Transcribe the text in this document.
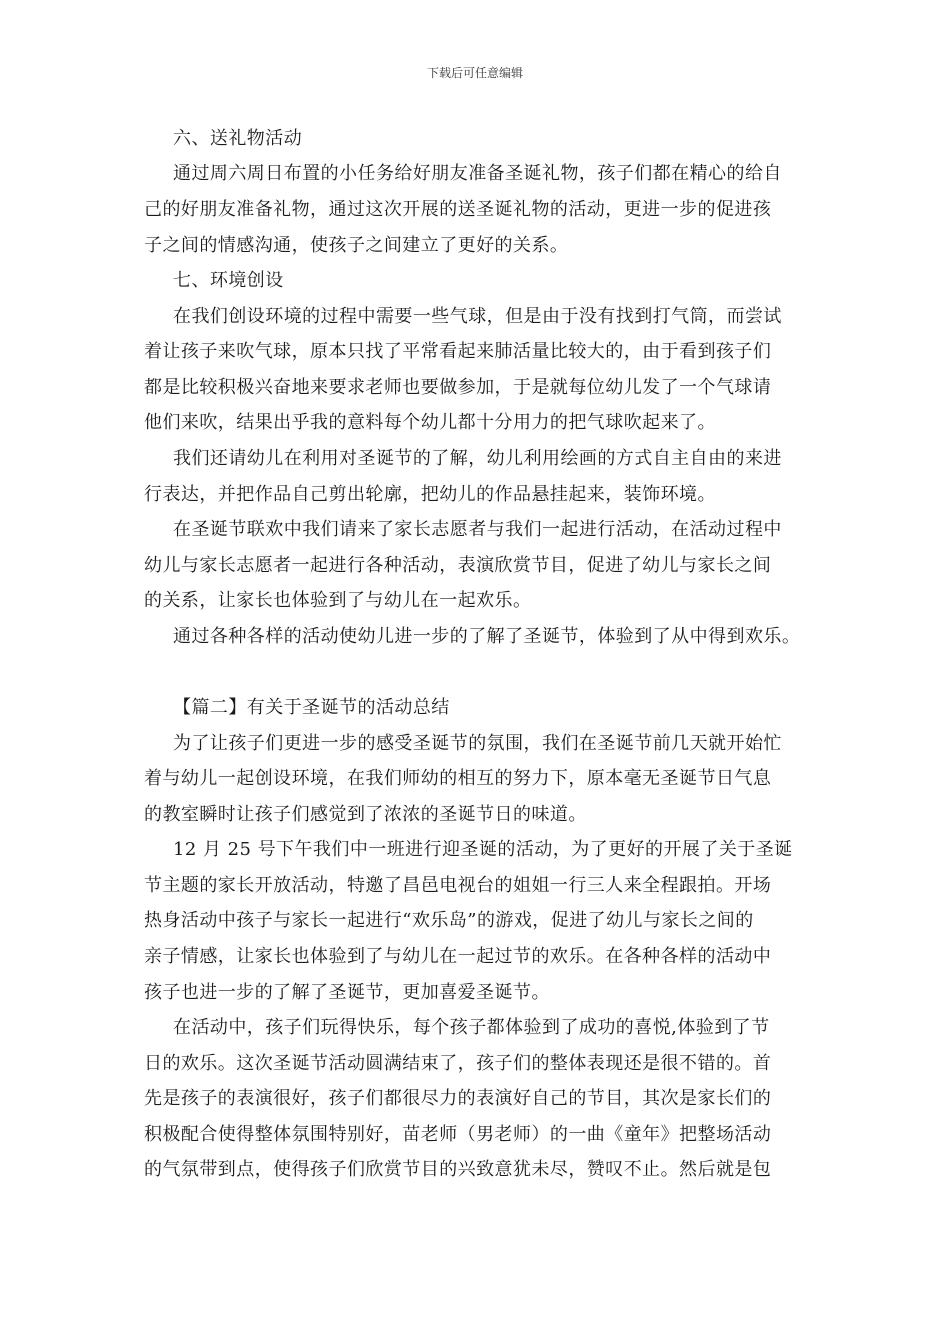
下载后可任意编辑
六、送礼物活动
通过周六周日布置的小任务给好朋友准备圣诞礼物，孩子们都在精心的给自
己的好朋友准备礼物，通过这次开展的送圣诞礼物的活动，更进一步的促进孩
子之间的情感沟通，使孩子之间建立了更好的关系。
七、环境创设
在我们创设环境的过程中需要一些气球，但是由于没有找到打气筒，而尝试
着让孩子来吹气球，原本只找了平常看起来肺活量比较大的，由于看到孩子们
都是比较积极兴奋地来要求老师也要做参加，于是就每位幼儿发了一个气球请
他们来吹，结果出乎我的意料每个幼儿都十分用力的把气球吹起来了。
我们还请幼儿在利用对圣诞节的了解，幼儿利用绘画的方式自主自由的来进
行表达，并把作品自己剪出轮廓，把幼儿的作品悬挂起来，装饰环境。
在圣诞节联欢中我们请来了家长志愿者与我们一起进行活动，在活动过程中
幼儿与家长志愿者一起进行各种活动，表演欣赏节目，促进了幼儿与家长之间
的关系，让家长也体验到了与幼儿在一起欢乐。
通过各种各样的活动使幼儿进一步的了解了圣诞节，体验到了从中得到欢乐。
【篇二】有关于圣诞节的活动总结
为了让孩子们更进一步的感受圣诞节的氛围，我们在圣诞节前几天就开始忙
着与幼儿一起创设环境，在我们师幼的相互的努力下，原本毫无圣诞节日气息
的教室瞬时让孩子们感觉到了浓浓的圣诞节日的味道。
12 月 25 号下午我们中一班进行迎圣诞的活动，为了更好的开展了关于圣诞
节主题的家长开放活动，特邀了昌邑电视台的姐姐一行三人来全程跟拍。开场
热身活动中孩子与家长一起进行“欢乐岛”的游戏，促进了幼儿与家长之间的
亲子情感，让家长也体验到了与幼儿在一起过节的欢乐。在各种各样的活动中
孩子也进一步的了解了圣诞节，更加喜爱圣诞节。
在活动中，孩子们玩得快乐，每个孩子都体验到了成功的喜悦,体验到了节
日的欢乐。这次圣诞节活动圆满结束了，孩子们的整体表现还是很不错的。首
先是孩子的表演很好，孩子们都很尽力的表演好自己的节目，其次是家长们的
积极配合使得整体氛围特别好，苗老师（男老师）的一曲《童年》把整场活动
的气氛带到点，使得孩子们欣赏节目的兴致意犹未尽，赞叹不止。然后就是包
